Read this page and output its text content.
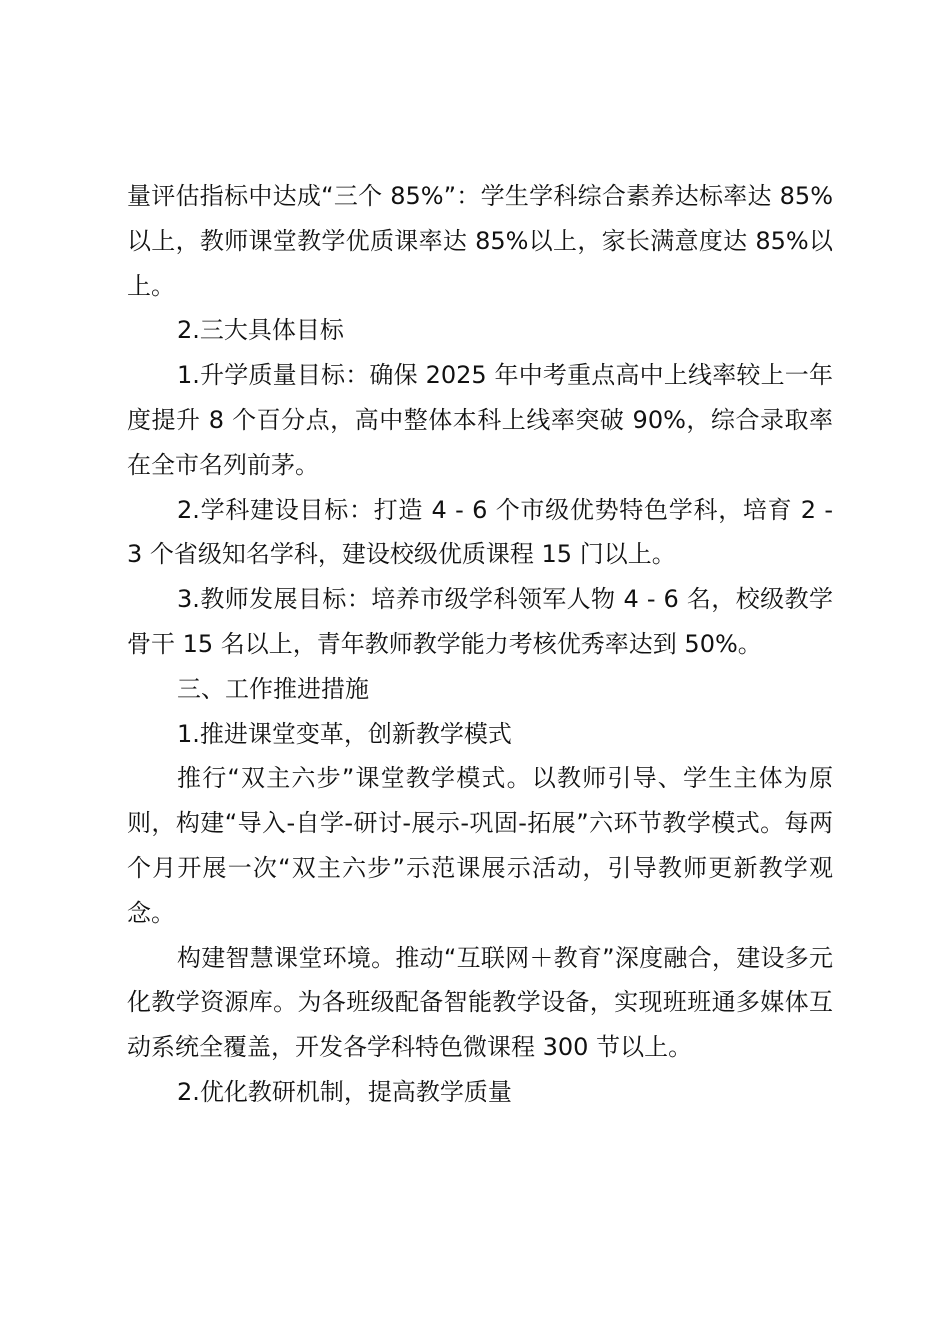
量评估指标中达成“三个 85%”：学生学科综合素养达标率达 85%以上，教师课堂教学优质课率达 85%以上，家长满意度达 85%以上。

2.三大具体目标

1.升学质量目标：确保 2025 年中考重点高中上线率较上一年度提升 8 个百分点，高中整体本科上线率突破 90%，综合录取率在全市名列前茅。

2.学科建设目标：打造 4 - 6 个市级优势特色学科，培育 2 - 3 个省级知名学科，建设校级优质课程 15 门以上。

3.教师发展目标：培养市级学科领军人物 4 - 6 名，校级教学骨干 15 名以上，青年教师教学能力考核优秀率达到 50%。

三、工作推进措施

1.推进课堂变革，创新教学模式

推行“双主六步”课堂教学模式。以教师引导、学生主体为原则，构建“导入-自学-研讨-展示-巩固-拓展”六环节教学模式。每两个月开展一次“双主六步”示范课展示活动，引导教师更新教学观念。

构建智慧课堂环境。推动“互联网＋教育”深度融合，建设多元化教学资源库。为各班级配备智能教学设备，实现班班通多媒体互动系统全覆盖，开发各学科特色微课程 300 节以上。

2.优化教研机制，提高教学质量
